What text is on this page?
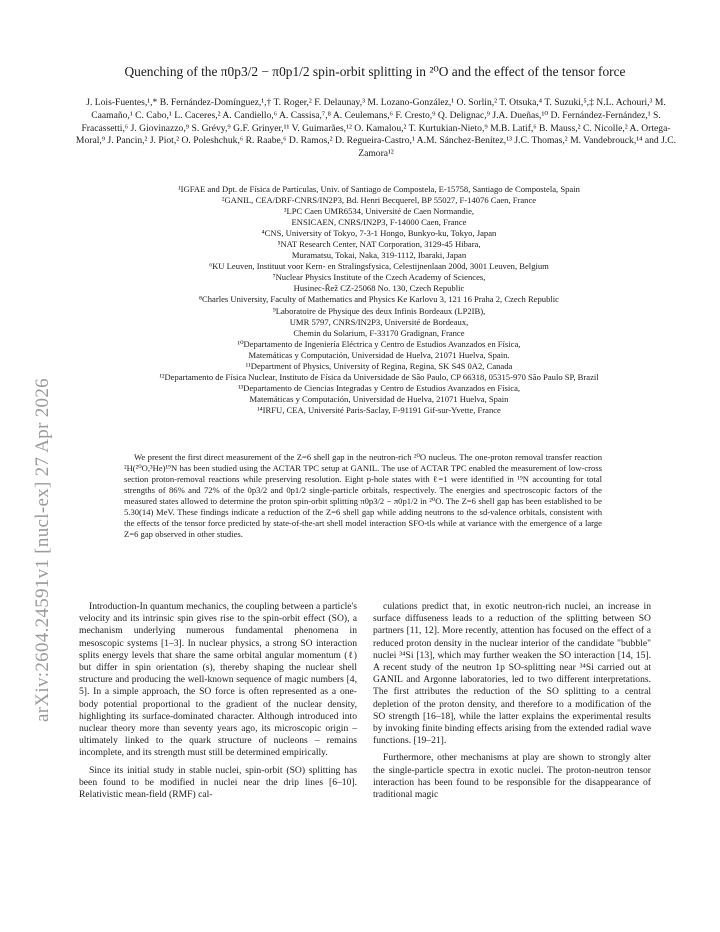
arXiv:2604.24591v1 [nucl-ex] 27 Apr 2026
Quenching of the π0p3/2 − π0p1/2 spin-orbit splitting in ²⁰O and the effect of the tensor force
J. Lois-Fuentes,¹,* B. Fernández-Domínguez,¹,† T. Roger,² F. Delaunay,³ M. Lozano-González,¹ O. Sorlin,² T. Otsuka,⁴ T. Suzuki,⁵,‡ N.L. Achouri,³ M. Caamaño,¹ C. Cabo,¹ L. Caceres,² A. Candiello,⁶ A. Cassisa,⁷,⁸ A. Ceulemans,⁶ F. Cresto,⁹ Q. Delignac,⁹ J.A. Dueñas,¹⁰ D. Fernández-Fernández,¹ S. Fracassetti,⁶ J. Giovinazzo,⁹ S. Grévy,⁹ G.F. Grinyer,¹¹ V. Guimarães,¹² O. Kamalou,² T. Kurtukian-Nieto,⁹ M.B. Latif,⁶ B. Mauss,² C. Nicolle,² A. Ortega-Moral,⁹ J. Pancin,² J. Piot,² O. Poleshchuk,⁶ R. Raabe,⁶ D. Ramos,² D. Regueira-Castro,¹ A.M. Sánchez-Benítez,¹³ J.C. Thomas,² M. Vandebrouck,¹⁴ and J.C. Zamora¹²
¹IGFAE and Dpt. de Física de Partículas, Univ. of Santiago de Compostela, E-15758, Santiago de Compostela, Spain
²GANIL, CEA/DRF-CNRS/IN2P3, Bd. Henri Becquerel, BP 55027, F-14076 Caen, France
³LPC Caen UMR6534, Université de Caen Normandie,
ENSICAEN, CNRS/IN2P3, F-14000 Caen, France
⁴CNS, University of Tokyo, 7-3-1 Hongo, Bunkyo-ku, Tokyo, Japan
⁵NAT Research Center, NAT Corporation, 3129-45 Hibara,
Muramatsu, Tokai, Naka, 319-1112, Ibaraki, Japan
⁶KU Leuven, Instituut voor Kern- en Stralingsfysica, Celestijnenlaan 200d, 3001 Leuven, Belgium
⁷Nuclear Physics Institute of the Czech Academy of Sciences,
Husinec-Řež CZ-25068 No. 130, Czech Republic
⁸Charles University, Faculty of Mathematics and Physics Ke Karlovu 3, 121 16 Praha 2, Czech Republic
⁹Laboratoire de Physique des deux Infinis Bordeaux (LP2IB),
UMR 5797, CNRS/IN2P3, Université de Bordeaux,
Chemin du Solarium, F-33170 Gradignan, France
¹⁰Departamento de Ingeniería Eléctrica y Centro de Estudios Avanzados en Física,
Matemáticas y Computación, Universidad de Huelva, 21071 Huelva, Spain.
¹¹Department of Physics, University of Regina, Regina, SK S4S 0A2, Canada
¹²Departamento de Física Nuclear, Instituto de Física da Universidade de São Paulo, CP 66318, 05315-970 São Paulo SP, Brazil
¹³Departamento de Ciencias Integradas y Centro de Estudios Avanzados en Física,
Matemáticas y Computación, Universidad de Huelva, 21071 Huelva, Spain
¹⁴IRFU, CEA, Université Paris-Saclay, F-91191 Gif-sur-Yvette, France
We present the first direct measurement of the Z=6 shell gap in the neutron-rich ²⁰O nucleus. The one-proton removal transfer reaction ²H(²⁰O,³He)¹⁹N has been studied using the ACTAR TPC setup at GANIL. The use of ACTAR TPC enabled the measurement of low-cross section proton-removal reactions while preserving resolution. Eight p-hole states with ℓ=1 were identified in ¹⁹N accounting for total strengths of 86% and 72% of the 0p3/2 and 0p1/2 single-particle orbitals, respectively. The energies and spectroscopic factors of the measured states allowed to determine the proton spin-orbit splitting π0p3/2 − π0p1/2 in ²⁰O. The Z=6 shell gap has been established to be 5.30(14) MeV. These findings indicate a reduction of the Z=6 shell gap while adding neutrons to the sd-valence orbitals, consistent with the effects of the tensor force predicted by state-of-the-art shell model interaction SFO-tls while at variance with the emergence of a large Z=6 gap observed in other studies.

Introduction-In quantum mechanics, the coupling between a particle's velocity and its intrinsic spin gives rise to the spin-orbit effect (SO), a mechanism underlying numerous fundamental phenomena in mesoscopic systems [1–3]. In nuclear physics, a strong SO interaction splits energy levels that share the same orbital angular momentum (ℓ) but differ in spin orientation (s), thereby shaping the nuclear shell structure and producing the well-known sequence of magic numbers [4, 5]. In a simple approach, the SO force is often represented as a one-body potential proportional to the gradient of the nuclear density, highlighting its surface-dominated character. Although introduced into nuclear theory more than seventy years ago, its microscopic origin – ultimately linked to the quark structure of nucleons – remains incomplete, and its strength must still be determined empirically.

Since its initial study in stable nuclei, spin-orbit (SO) splitting has been found to be modified in nuclei near the drip lines [6–10]. Relativistic mean-field (RMF) cal-

culations predict that, in exotic neutron-rich nuclei, an increase in surface diffuseness leads to a reduction of the splitting between SO partners [11, 12]. More recently, attention has focused on the effect of a reduced proton density in the nuclear interior of the candidate "bubble" nuclei ³⁴Si [13], which may further weaken the SO interaction [14, 15]. A recent study of the neutron 1p SO-splitting near ³⁴Si carried out at GANIL and Argonne laboratories, led to two different interpretations. The first attributes the reduction of the SO splitting to a central depletion of the proton density, and therefore to a modification of the SO strength [16–18], while the latter explains the experimental results by invoking finite binding effects arising from the extended radial wave functions. [19–21].

Furthermore, other mechanisms at play are shown to strongly alter the single-particle spectra in exotic nuclei. The proton-neutron tensor interaction has been found to be responsible for the disappearance of traditional magic
